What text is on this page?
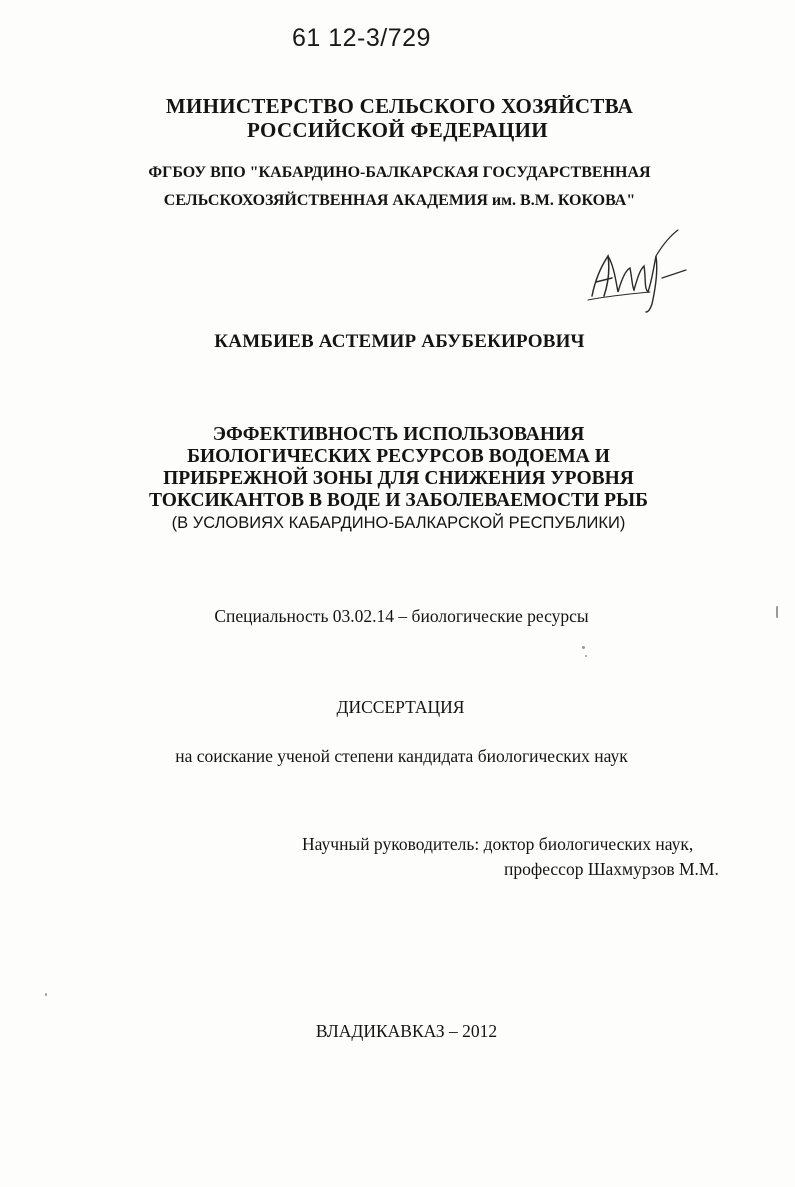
61 12-3/729
МИНИСТЕРСТВО СЕЛЬСКОГО ХОЗЯЙСТВА
РОССИЙСКОЙ ФЕДЕРАЦИИ
ФГБОУ ВПО "КАБАРДИНО-БАЛКАРСКАЯ ГОСУДАРСТВЕННАЯ
СЕЛЬСКОХОЗЯЙСТВЕННАЯ АКАДЕМИЯ им. В.М. КОКОВА"
КАМБИЕВ АСТЕМИР АБУБЕКИРОВИЧ
ЭФФЕКТИВНОСТЬ ИСПОЛЬЗОВАНИЯ
БИОЛОГИЧЕСКИХ РЕСУРСОВ ВОДОЕМА И
ПРИБРЕЖНОЙ ЗОНЫ ДЛЯ СНИЖЕНИЯ УРОВНЯ
ТОКСИКАНТОВ В ВОДЕ И ЗАБОЛЕВАЕМОСТИ РЫБ
(В УСЛОВИЯХ КАБАРДИНО-БАЛКАРСКОЙ РЕСПУБЛИКИ)
Специальность 03.02.14 – биологические ресурсы
ДИССЕРТАЦИЯ
на соискание ученой степени кандидата биологических наук
Научный руководитель: доктор биологических наук,
профессор Шахмурзов М.М.
ВЛАДИКАВКАЗ – 2012
